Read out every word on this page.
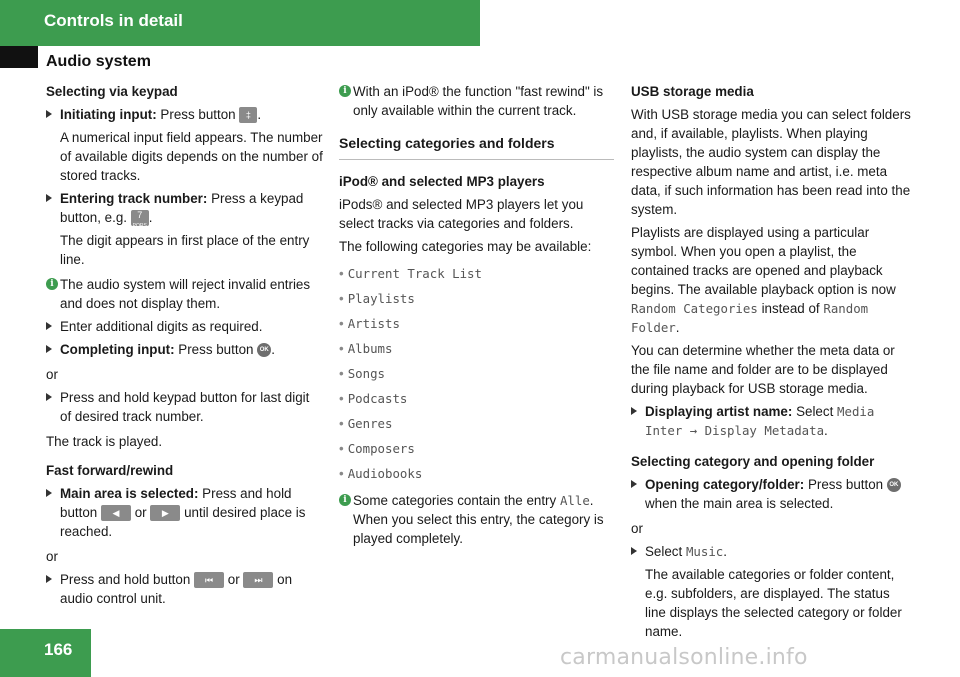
Controls in detail
Audio system
Selecting via keypad
Initiating input: Press button ‡ .
A numerical input field appears. The number of available digits depends on the number of stored tracks.
Entering track number: Press a keypad button, e.g. 7
PQRS.
The digit appears in first place of the entry line.
i The audio system will reject invalid entries and does not display them.
Enter additional digits as required.
Completing input: Press button OK .
or
Press and hold keypad button for last digit of desired track number.
The track is played.
Fast forward/rewind
Main area is selected: Press and hold button ◀ or ▶ until desired place is reached.
or
Press and hold button ⏮ or ⏭ on audio control unit.
i With an iPod® the function "fast rewind" is only available within the current track.
Selecting categories and folders
iPod® and selected MP3 players
iPods® and selected MP3 players let you select tracks via categories and folders.
The following categories may be available:
• Current Track List
• Playlists
• Artists
• Albums
• Songs
• Podcasts
• Genres
• Composers
• Audiobooks
i Some categories contain the entry Alle. When you select this entry, the category is played completely.
USB storage media
With USB storage media you can select folders and, if available, playlists. When playing playlists, the audio system can display the respective album name and artist, i.e. meta data, if such information has been read into the system.
Playlists are displayed using a particular symbol. When you open a playlist, the contained tracks are opened and playback begins. The available playback option is now Random Categories instead of Random Folder.
You can determine whether the meta data or the file name and folder are to be displayed during playback for USB storage media.
Displaying artist name: Select Media Inter → Display Metadata.
Selecting category and opening folder
Opening category/folder: Press button OK when the main area is selected.
or
Select Music.
The available categories or folder content, e.g. subfolders, are displayed. The status line displays the selected category or folder name.
166	carmanualsonline.info
